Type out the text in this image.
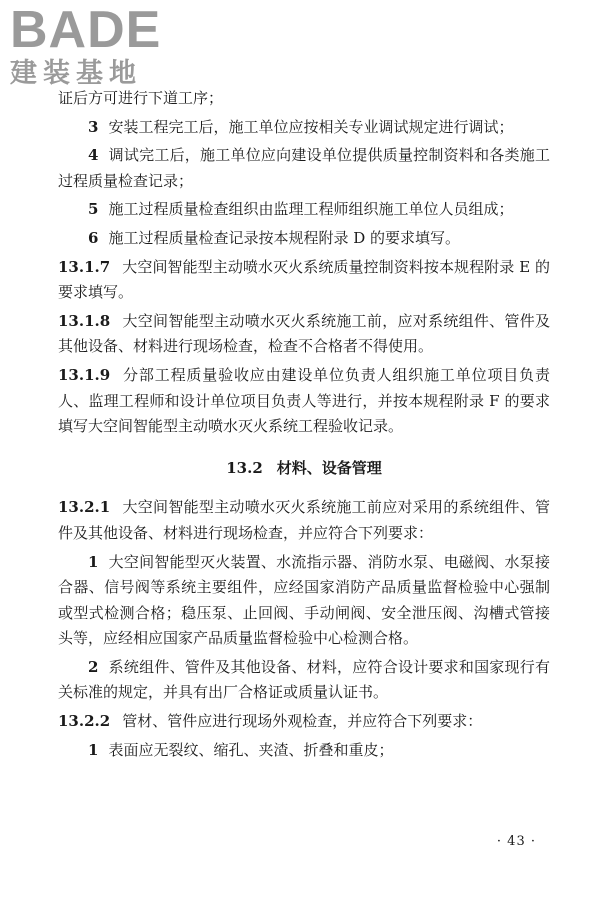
BADE
建装基地

证后方可进行下道工序；

3 安装工程完工后，施工单位应按相关专业调试规定进行调试；

4 调试完工后，施工单位应向建设单位提供质量控制资料和各类施工过程质量检查记录；

5 施工过程质量检查组织由监理工程师组织施工单位人员组成；

6 施工过程质量检查记录按本规程附录 D 的要求填写。

13.1.7 大空间智能型主动喷水灭火系统质量控制资料按本规程附录 E 的要求填写。

13.1.8 大空间智能型主动喷水灭火系统施工前，应对系统组件、管件及其他设备、材料进行现场检查，检查不合格者不得使用。

13.1.9 分部工程质量验收应由建设单位负责人组织施工单位项目负责人、监理工程师和设计单位项目负责人等进行，并按本规程附录 F 的要求填写大空间智能型主动喷水灭火系统工程验收记录。

13.2 材料、设备管理

13.2.1 大空间智能型主动喷水灭火系统施工前应对采用的系统组件、管件及其他设备、材料进行现场检查，并应符合下列要求：

1 大空间智能型灭火装置、水流指示器、消防水泵、电磁阀、水泵接合器、信号阀等系统主要组件，应经国家消防产品质量监督检验中心强制或型式检测合格；稳压泵、止回阀、手动闸阀、安全泄压阀、沟槽式管接头等，应经相应国家产品质量监督检验中心检测合格。

2 系统组件、管件及其他设备、材料，应符合设计要求和国家现行有关标准的规定，并具有出厂合格证或质量认证书。

13.2.2 管材、管件应进行现场外观检查，并应符合下列要求：

1 表面应无裂纹、缩孔、夹渣、折叠和重皮；

· 43 ·
